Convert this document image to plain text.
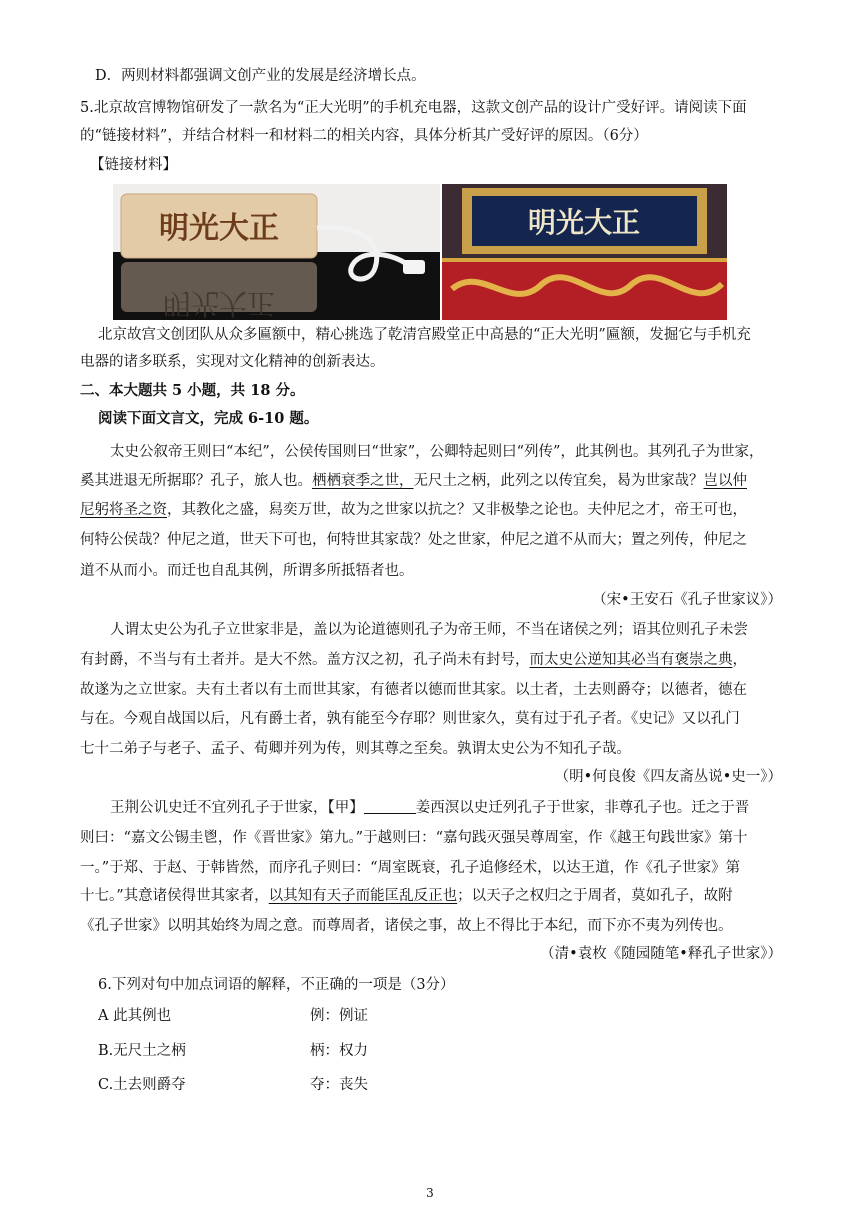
D．两则材料都强调文创产业的发展是经济增长点。
5.北京故宫博物馆研发了一款名为“正大光明”的手机充电器，这款文创产品的设计广受好评。请阅读下面
的“链接材料”，并结合材料一和材料二的相关内容，具体分析其广受好评的原因。（6分）
【链接材料】
明光大正
明光大正
明光大正
北京故宫文创团队从众多匾额中，精心挑选了乾清宫殿堂正中高悬的“正大光明”匾额，发掘它与手机充
电器的诸多联系，实现对文化精神的创新表达。
二、本大题共 5 小题，共 18 分。
阅读下面文言文，完成 6-10 题。
太史公叙帝王则曰“本纪”，公侯传国则曰“世家”，公卿特起则曰“列传”，此其例也。其列孔子为世家，
奚其进退无所据耶？孔子，旅人也。栖栖衰季之世，无尺土之柄，此列之以传宜矣，曷为世家哉？岂以仲
尼躬将圣之资，其教化之盛，舄奕万世，故为之世家以抗之？又非极挚之论也。夫仲尼之才，帝王可也，
何特公侯哉？仲尼之道，世天下可也，何特世其家哉？处之世家，仲尼之道不从而大；置之列传，仲尼之
道不从而小。而迁也自乱其例，所谓多所抵牾者也。
（宋•王安石《孔子世家议》）
人谓太史公为孔子立世家非是，盖以为论道德则孔子为帝王师，不当在诸侯之列；语其位则孔子未尝
有封爵，不当与有土者并。是大不然。盖方汉之初，孔子尚未有封号，而太史公逆知其必当有褒崇之典，
故遂为之立世家。夫有土者以有土而世其家，有德者以德而世其家。以土者，土去则爵夺；以德者，德在
与在。今观自战国以后，凡有爵土者，孰有能至今存耶？则世家久，莫有过于孔子者。《史记》又以孔门
七十二弟子与老子、孟子、荀卿并列为传，则其尊之至矣。孰谓太史公为不知孔子哉。
（明•何良俊《四友斋丛说•史一》）
王荆公讥史迁不宜列孔子于世家，【甲】	姜西溟以史迁列孔子于世家，非尊孔子也。迁之于晋
则曰：“嘉文公锡圭鬯，作《晋世家》第九。”于越则曰：“嘉句践灭强吴尊周室，作《越王句践世家》第十
一。”于郑、于赵、于韩皆然，而序孔子则曰：“周室既衰，孔子追修经术，以达王道，作《孔子世家》第
十七。”其意诸侯得世其家者，以其知有天子而能匡乱反正也；以天子之权归之于周者，莫如孔子，故附
《孔子世家》以明其始终为周之意。而尊周者，诸侯之事，故上不得比于本纪，而下亦不夷为列传也。
（清•袁枚《随园随笔•释孔子世家》）
6.下列对句中加点词语的解释，不正确的一项是（3分）
A 此其例也	例：例证
B.无尺土之柄	柄：权力
C.土去则爵夺	夺：丧失
3
